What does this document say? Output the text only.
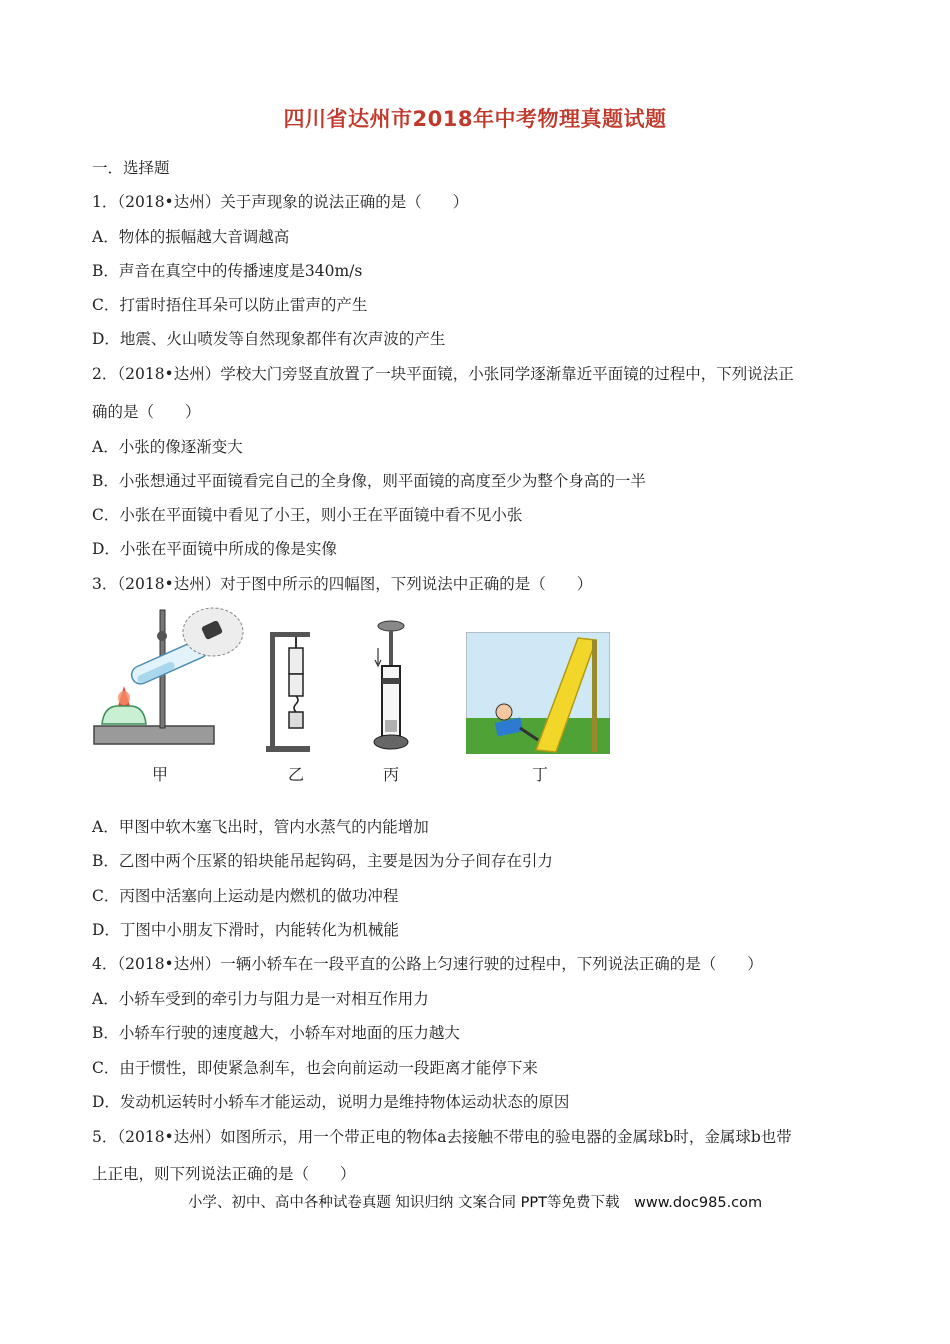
四川省达州市2018年中考物理真题试题
一．选择题
1．（2018•达州）关于声现象的说法正确的是（　　）
A．物体的振幅越大音调越高
B．声音在真空中的传播速度是340m/s
C．打雷时捂住耳朵可以防止雷声的产生
D．地震、火山喷发等自然现象都伴有次声波的产生
2．（2018•达州）学校大门旁竖直放置了一块平面镜，小张同学逐渐靠近平面镜的过程中，下列说法正
确的是（　　）
A．小张的像逐渐变大
B．小张想通过平面镜看完自己的全身像，则平面镜的高度至少为整个身高的一半
C．小张在平面镜中看见了小王，则小王在平面镜中看不见小张
D．小张在平面镜中所成的像是实像
3．（2018•达州）对于图中所示的四幅图，下列说法中正确的是（　　）
甲	乙	丙	丁
A．甲图中软木塞飞出时，管内水蒸气的内能增加
B．乙图中两个压紧的铅块能吊起钩码，主要是因为分子间存在引力
C．丙图中活塞向上运动是内燃机的做功冲程
D．丁图中小朋友下滑时，内能转化为机械能
4．（2018•达州）一辆小轿车在一段平直的公路上匀速行驶的过程中，下列说法正确的是（　　）
A．小轿车受到的牵引力与阻力是一对相互作用力
B．小轿车行驶的速度越大，小轿车对地面的压力越大
C．由于惯性，即使紧急刹车，也会向前运动一段距离才能停下来
D．发动机运转时小轿车才能运动，说明力是维持物体运动状态的原因
5．（2018•达州）如图所示，用一个带正电的物体a去接触不带电的验电器的金属球b时，金属球b也带
上正电，则下列说法正确的是（　　）
小学、初中、高中各种试卷真题 知识归纳 文案合同 PPT等免费下载　www.doc985.com
